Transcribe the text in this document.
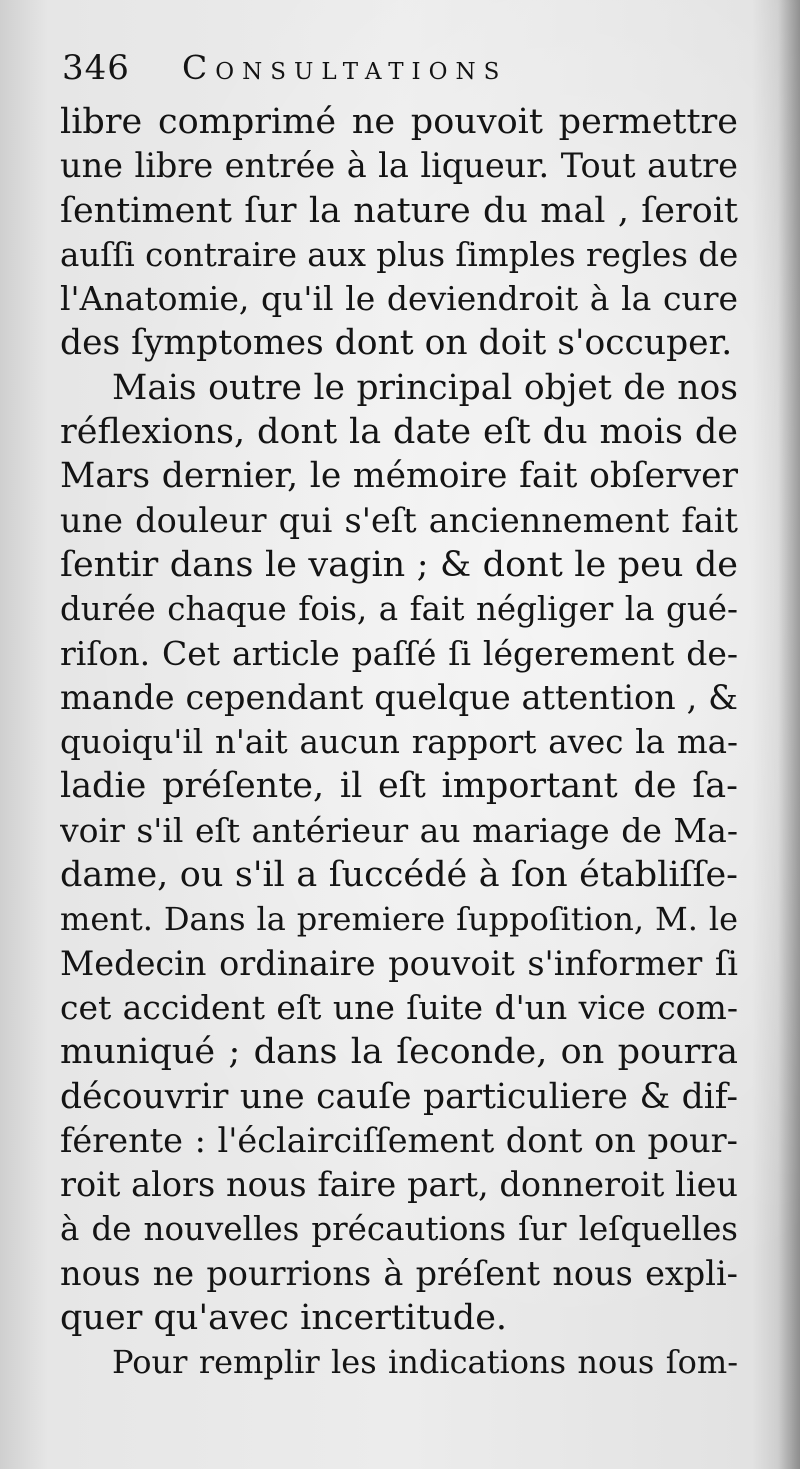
346	Consultations
libre comprimé ne pouvoit permettre
une libre entrée à la liqueur. Tout autre
ſentiment ſur la nature du mal , ſeroit
auſſi contraire aux plus ſimples regles de
l'Anatomie, qu'il le deviendroit à la cure
des ſymptomes dont on doit s'occuper.
Mais outre le principal objet de nos
réflexions, dont la date eſt du mois de
Mars dernier, le mémoire fait obſerver
une douleur qui s'eſt anciennement fait
ſentir dans le vagin ; & dont le peu de
durée chaque fois, a fait négliger la gué-
riſon. Cet article paſſé ſi légerement de-
mande cependant quelque attention , &
quoiqu'il n'ait aucun rapport avec la ma-
ladie préſente, il eſt important de ſa-
voir s'il eſt antérieur au mariage de Ma-
dame, ou s'il a ſuccédé à ſon établiſſe-
ment. Dans la premiere ſuppoſition, M. le
Medecin ordinaire pouvoit s'informer ſi
cet accident eſt une ſuite d'un vice com-
muniqué ; dans la ſeconde, on pourra
découvrir une cauſe particuliere & dif-
férente : l'éclairciſſement dont on pour-
roit alors nous faire part, donneroit lieu
à de nouvelles précautions ſur leſquelles
nous ne pourrions à préſent nous expli-
quer qu'avec incertitude.
Pour remplir les indications nous ſom-
